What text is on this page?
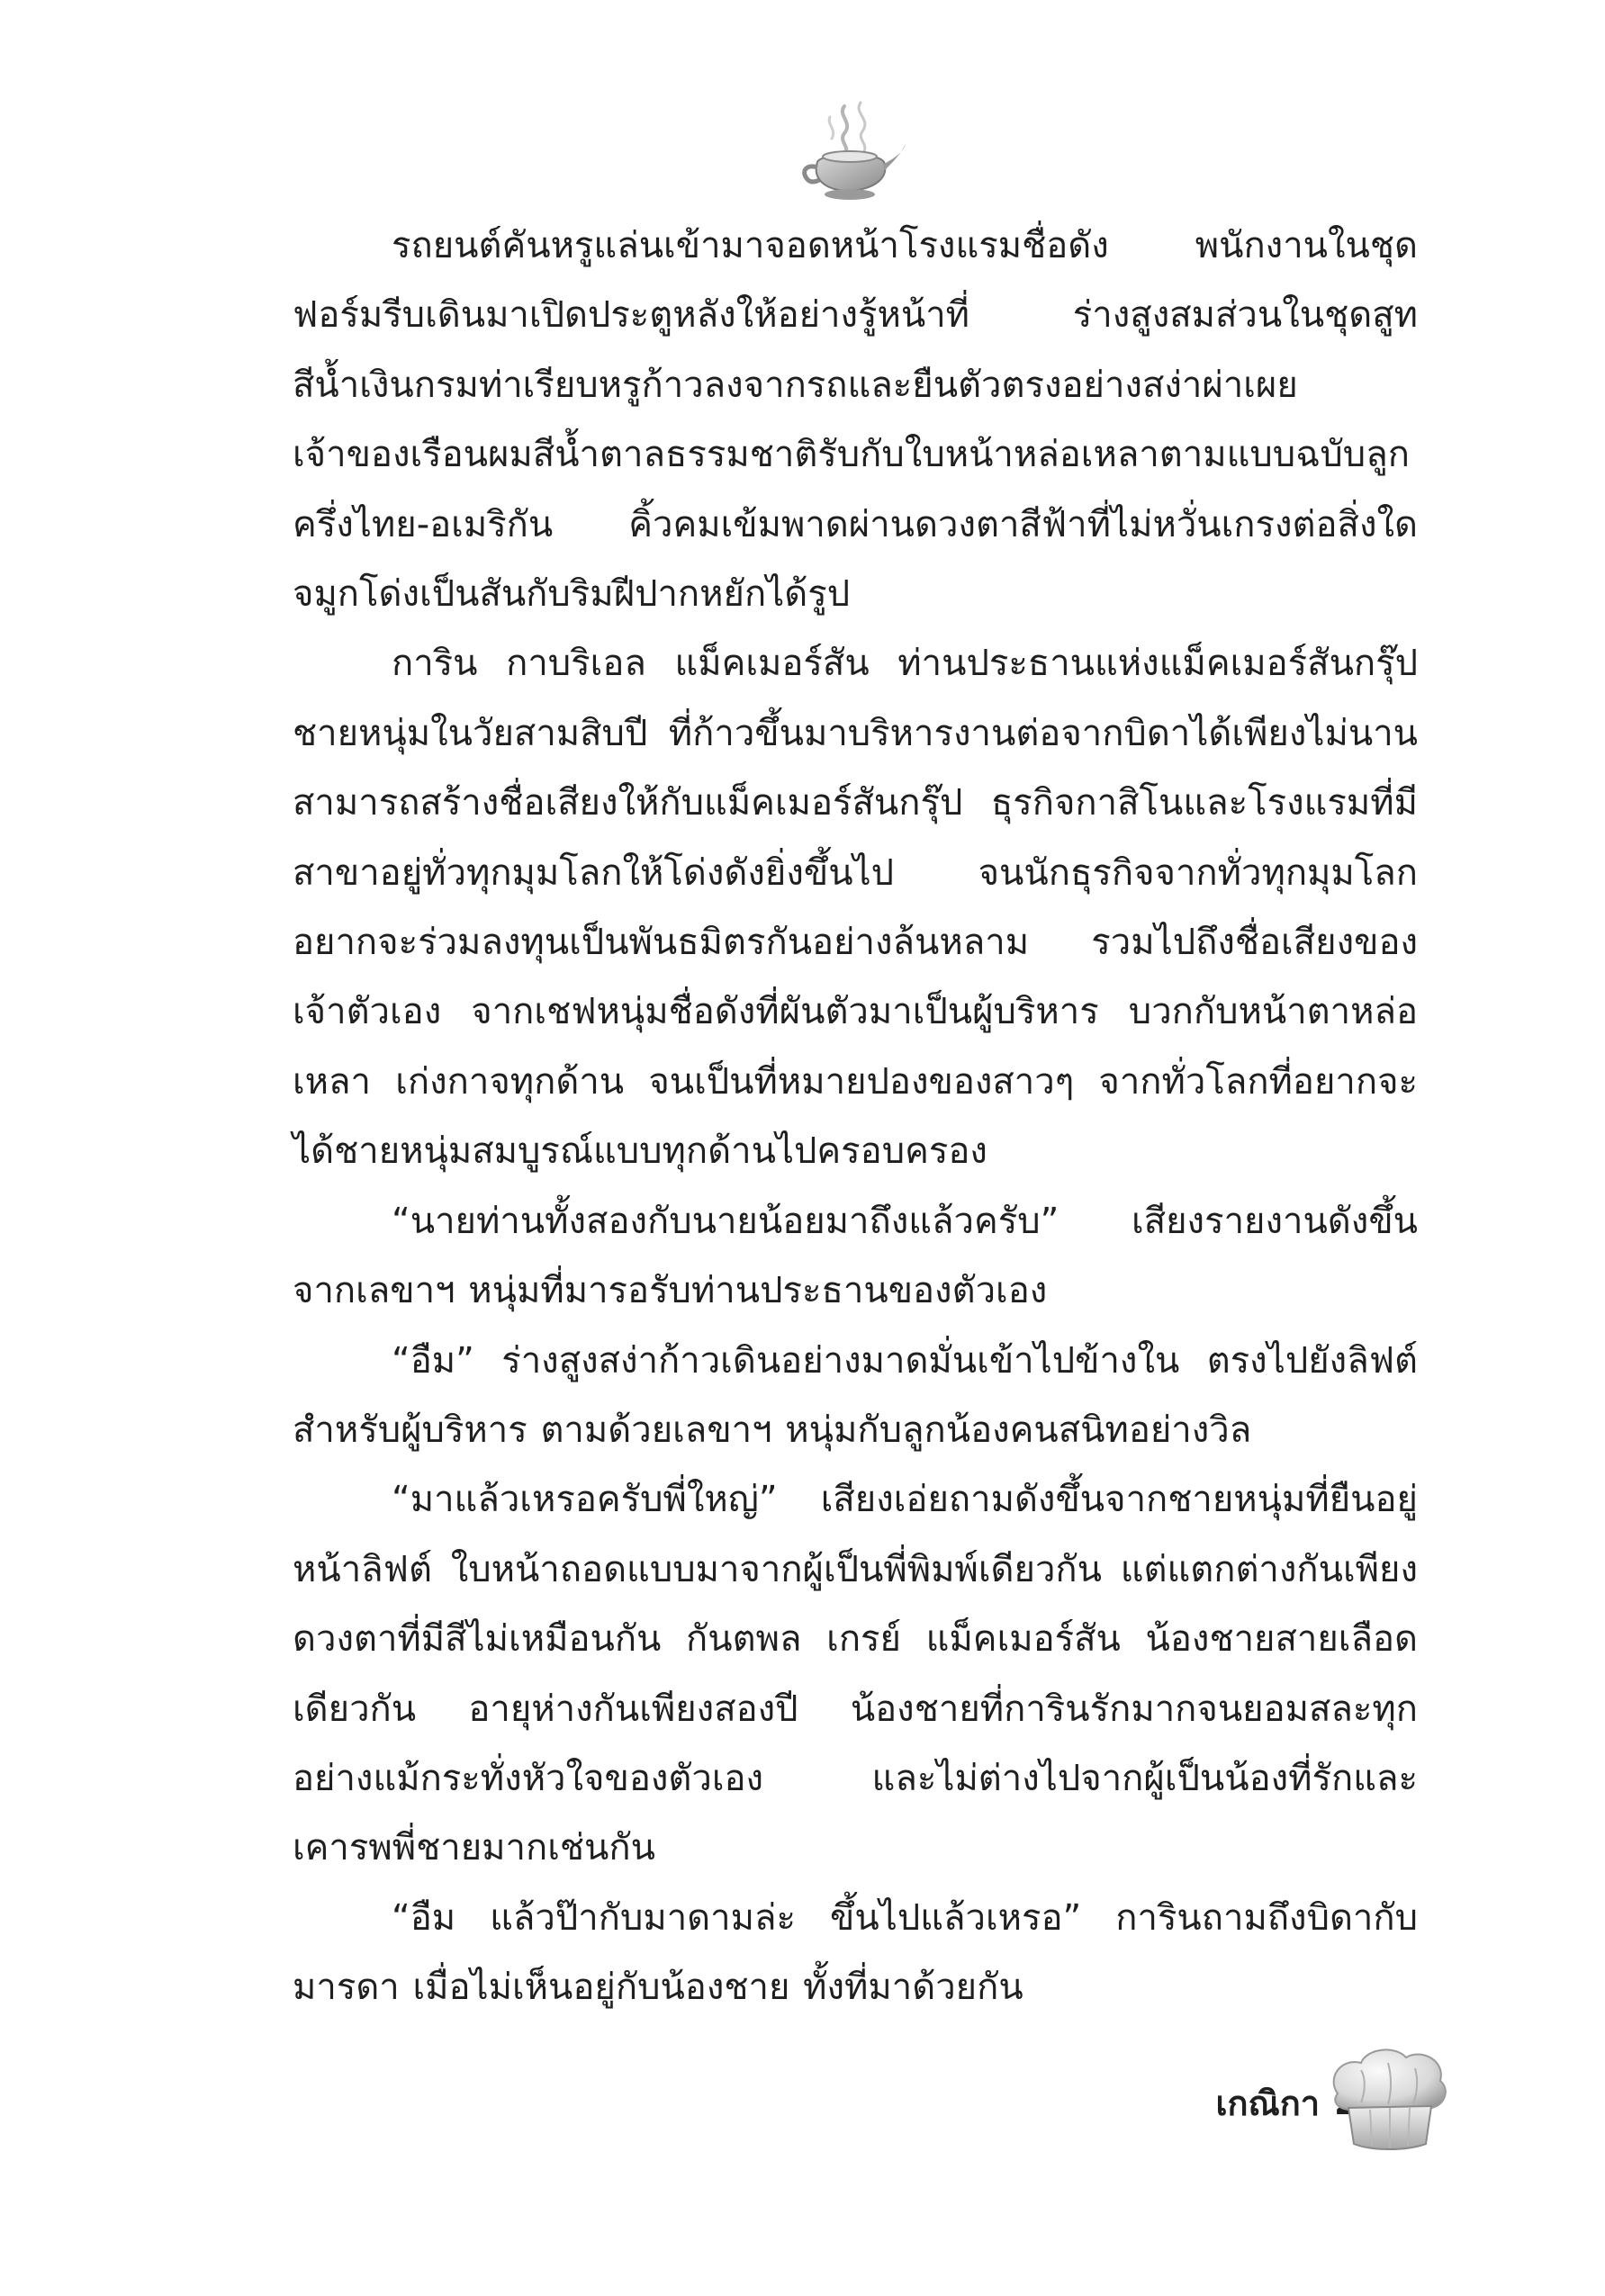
รถยนต์คันหรูแล่นเข้ามาจอดหน้าโรงแรมชื่อดัง พนักงานในชุดฟอร์มรีบเดินมาเปิดประตูหลังให้อย่างรู้หน้าที่ ร่างสูงสมส่วนในชุดสูทสีน้ำเงินกรมท่าเรียบหรูก้าวลงจากรถและยืนตัวตรงอย่างสง่าผ่าเผย เจ้าของเรือนผมสีน้ำตาลธรรมชาติรับกับใบหน้าหล่อเหลาตามแบบฉบับลูกครึ่งไทย-อเมริกัน คิ้วคมเข้มพาดผ่านดวงตาสีฟ้าที่ไม่หวั่นเกรงต่อสิ่งใด จมูกโด่งเป็นสันกับริมฝีปากหยักได้รูป

การิน กาบริเอล แม็คเมอร์สัน ท่านประธานแห่งแม็คเมอร์สันกรุ๊ป ชายหนุ่มในวัยสามสิบปี ที่ก้าวขึ้นมาบริหารงานต่อจากบิดาได้เพียงไม่นาน สามารถสร้างชื่อเสียงให้กับแม็คเมอร์สันกรุ๊ป ธุรกิจกาสิโนและโรงแรมที่มีสาขาอยู่ทั่วทุกมุมโลกให้โด่งดังยิ่งขึ้นไป จนนักธุรกิจจากทั่วทุกมุมโลกอยากจะร่วมลงทุนเป็นพันธมิตรกันอย่างล้นหลาม รวมไปถึงชื่อเสียงของเจ้าตัวเอง จากเชฟหนุ่มชื่อดังที่ผันตัวมาเป็นผู้บริหาร บวกกับหน้าตาหล่อเหลา เก่งกาจทุกด้าน จนเป็นที่หมายปองของสาวๆ จากทั่วโลกที่อยากจะได้ชายหนุ่มสมบูรณ์แบบทุกด้านไปครอบครอง

“นายท่านทั้งสองกับนายน้อยมาถึงแล้วครับ” เสียงรายงานดังขึ้นจากเลขาฯ หนุ่มที่มารอรับท่านประธานของตัวเอง

“อืม” ร่างสูงสง่าก้าวเดินอย่างมาดมั่นเข้าไปข้างใน ตรงไปยังลิฟต์สำหรับผู้บริหาร ตามด้วยเลขาฯ หนุ่มกับลูกน้องคนสนิทอย่างวิล

“มาแล้วเหรอครับพี่ใหญ่” เสียงเอ่ยถามดังขึ้นจากชายหนุ่มที่ยืนอยู่หน้าลิฟต์ ใบหน้าถอดแบบมาจากผู้เป็นพี่พิมพ์เดียวกัน แต่แตกต่างกันเพียงดวงตาที่มีสีไม่เหมือนกัน กันตพล เกรย์ แม็คเมอร์สัน น้องชายสายเลือดเดียวกัน อายุห่างกันเพียงสองปี น้องชายที่การินรักมากจนยอมสละทุกอย่างแม้กระทั่งหัวใจของตัวเอง และไม่ต่างไปจากผู้เป็นน้องที่รักและเคารพพี่ชายมากเช่นกัน

“อืม แล้วป๊ากับมาดามล่ะ ขึ้นไปแล้วเหรอ” การินถามถึงบิดากับมารดา เมื่อไม่เห็นอยู่กับน้องชาย ทั้งที่มาด้วยกัน

เกณิกา
